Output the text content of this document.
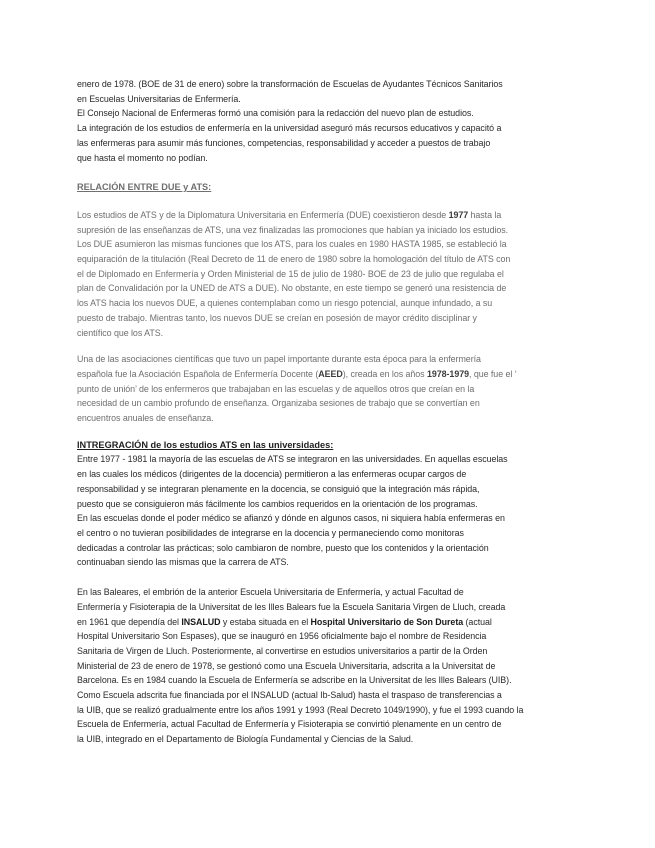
enero de 1978. (BOE de 31 de enero) sobre la transformación de Escuelas de Ayudantes Técnicos Sanitarios
en Escuelas Universitarias de Enfermería.
El Consejo Nacional de Enfermeras formó una comisión para la redacción del nuevo plan de estudios.
La integración de los estudios de enfermería en la universidad aseguró más recursos educativos y capacitó a
las enfermeras para asumir más funciones, competencias, responsabilidad y acceder a puestos de trabajo
que hasta el momento no podían.
RELACIÓN ENTRE DUE y ATS:
Los estudios de ATS y de la Diplomatura Universitaria en Enfermería (DUE) coexistieron desde 1977 hasta la
supresión de las enseñanzas de ATS, una vez finalizadas las promociones que habían ya iniciado los estudios.
Los DUE asumieron las mismas funciones que los ATS, para los cuales en 1980 HASTA 1985, se estableció la
equiparación de la titulación (Real Decreto de 11 de enero de 1980 sobre la homologación del título de ATS con
el de Diplomado en Enfermería y Orden Ministerial de 15 de julio de 1980- BOE de 23 de julio que regulaba el
plan de Convalidación por la UNED de ATS a DUE). No obstante, en este tiempo se generó una resistencia de
los ATS hacia los nuevos DUE, a quienes contemplaban como un riesgo potencial, aunque infundado, a su
puesto de trabajo. Mientras tanto, los nuevos DUE se creían en posesión de mayor crédito disciplinar y
científico que los ATS.
Una de las asociaciones científicas que tuvo un papel importante durante esta época para la enfermería
española fue la Asociación Española de Enfermería Docente (AEED), creada en los años 1978-1979, que fue el ‘
punto de unión’ de los enfermeros que trabajaban en las escuelas y de aquellos otros que creían en la
necesidad de un cambio profundo de enseñanza. Organizaba sesiones de trabajo que se convertían en
encuentros anuales de enseñanza.
INTREGRACIÓN de los estudios ATS en las universidades:
Entre 1977 - 1981 la mayoría de las escuelas de ATS se integraron en las universidades. En aquellas escuelas
en las cuales los médicos (dirigentes de la docencia) permitieron a las enfermeras ocupar cargos de
responsabilidad y se integraran plenamente en la docencia, se consiguió que la integración más rápida,
puesto que se consiguieron más fácilmente los cambios requeridos en la orientación de los programas.
En las escuelas donde el poder médico se afianzó y dónde en algunos casos, ni siquiera había enfermeras en
el centro o no tuvieran posibilidades de integrarse en la docencia y permaneciendo como monitoras
dedicadas a controlar las prácticas; solo cambiaron de nombre, puesto que los contenidos y la orientación
continuaban siendo las mismas que la carrera de ATS.
En las Baleares, el embrión de la anterior Escuela Universitaria de Enfermería, y actual Facultad de
Enfermería y Fisioterapia de la Universitat de les Illes Balears fue la Escuela Sanitaria Virgen de Lluch, creada
en 1961 que dependía del INSALUD y estaba situada en el Hospital Universitario de Son Dureta (actual
Hospital Universitario Son Espases), que se inauguró en 1956 oficialmente bajo el nombre de Residencia
Sanitaria de Virgen de Lluch. Posteriormente, al convertirse en estudios universitarios a partir de la Orden
Ministerial de 23 de enero de 1978, se gestionó como una Escuela Universitaria, adscrita a la Universitat de
Barcelona. Es en 1984 cuando la Escuela de Enfermería se adscribe en la Universitat de les Illes Balears (UIB).
Como Escuela adscrita fue financiada por el INSALUD (actual Ib-Salud) hasta el traspaso de transferencias a
la UIB, que se realizó gradualmente entre los años 1991 y 1993 (Real Decreto 1049/1990), y fue el 1993 cuando la
Escuela de Enfermería, actual Facultad de Enfermería y Fisioterapia se convirtió plenamente en un centro de
la UIB, integrado en el Departamento de Biología Fundamental y Ciencias de la Salud.
